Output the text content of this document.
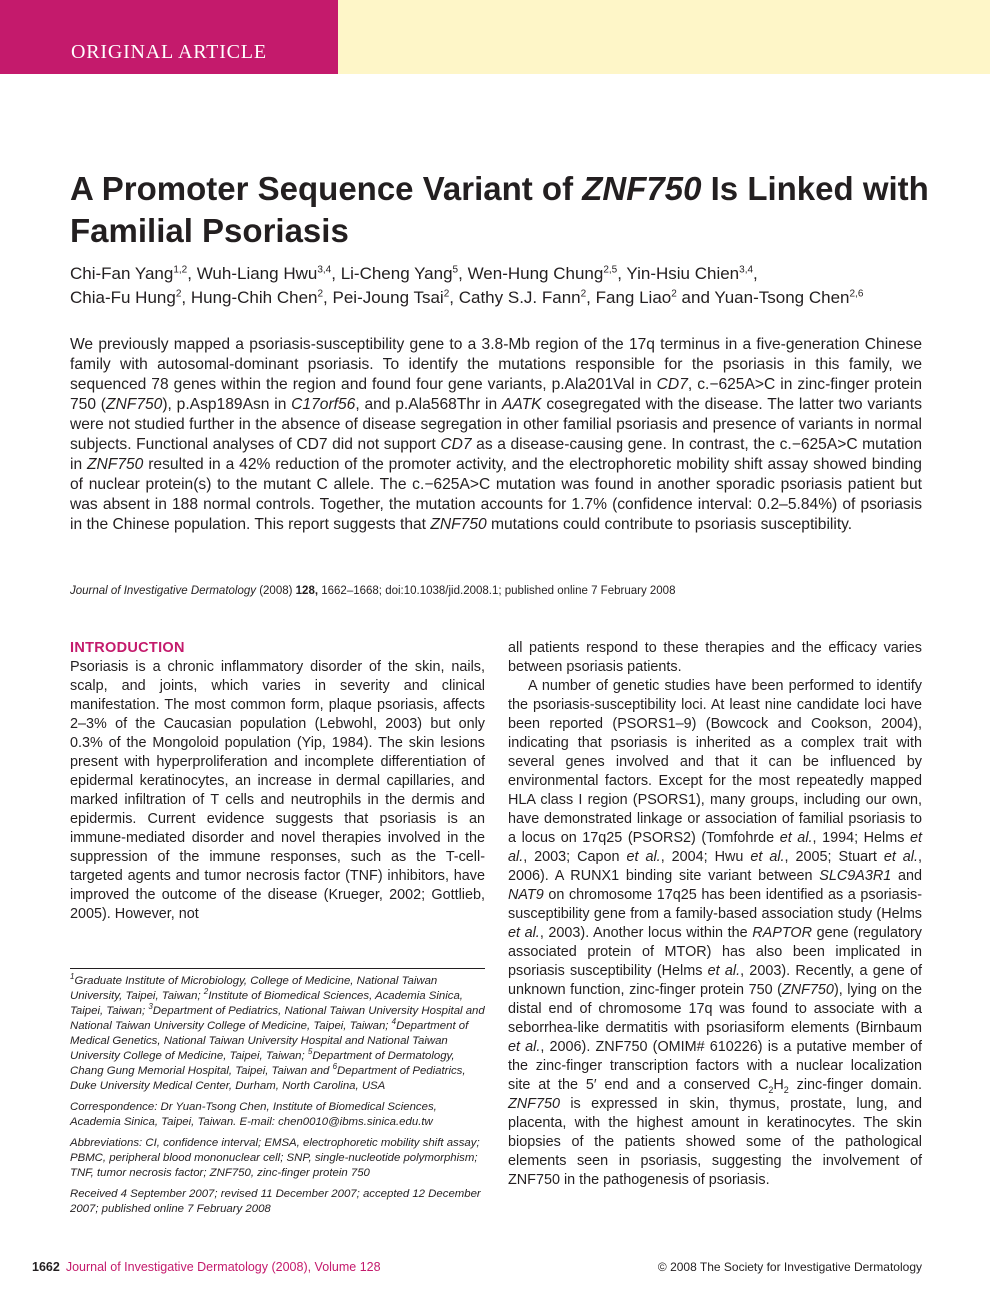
ORIGINAL ARTICLE
A Promoter Sequence Variant of ZNF750 Is Linked with Familial Psoriasis
Chi-Fan Yang$^{1,2}$, Wuh-Liang Hwu$^{3,4}$, Li-Cheng Yang$^5$, Wen-Hung Chung$^{2,5}$, Yin-Hsiu Chien$^{3,4}$,
Chia-Fu Hung$^2$, Hung-Chih Chen$^2$, Pei-Joung Tsai$^2$, Cathy S.J. Fann$^2$, Fang Liao$^2$ and Yuan-Tsong Chen$^{2,6}$

We previously mapped a psoriasis-susceptibility gene to a 3.8-Mb region of the 17q terminus in a five-generation Chinese family with autosomal-dominant psoriasis. To identify the mutations responsible for the psoriasis in this family, we sequenced 78 genes within the region and found four gene variants, p.Ala201Val in CD7, c.−625A>C in zinc-finger protein 750 (ZNF750), p.Asp189Asn in C17orf56, and p.Ala568Thr in AATK cosegregated with the disease. The latter two variants were not studied further in the absence of disease segregation in other familial psoriasis and presence of variants in normal subjects. Functional analyses of CD7 did not support CD7 as a disease-causing gene. In contrast, the c.−625A>C mutation in ZNF750 resulted in a 42% reduction of the promoter activity, and the electrophoretic mobility shift assay showed binding of nuclear protein(s) to the mutant C allele. The c.−625A>C mutation was found in another sporadic psoriasis patient but was absent in 188 normal controls. Together, the mutation accounts for 1.7% (confidence interval: 0.2–5.84%) of psoriasis in the Chinese population. This report suggests that ZNF750 mutations could contribute to psoriasis susceptibility.

Journal of Investigative Dermatology (2008) 128, 1662–1668; doi:10.1038/jid.2008.1; published online 7 February 2008
INTRODUCTION

Psoriasis is a chronic inflammatory disorder of the skin, nails, scalp, and joints, which varies in severity and clinical manifestation. The most common form, plaque psoriasis, affects 2–3% of the Caucasian population (Lebwohl, 2003) but only 0.3% of the Mongoloid population (Yip, 1984). The skin lesions present with hyperproliferation and incomplete differentiation of epidermal keratinocytes, an increase in dermal capillaries, and marked infiltration of T cells and neutrophils in the dermis and epidermis. Current evidence suggests that psoriasis is an immune-mediated disorder and novel therapies involved in the suppression of the immune responses, such as the T-cell-targeted agents and tumor necrosis factor (TNF) inhibitors, have improved the outcome of the disease (Krueger, 2002; Gottlieb, 2005). However, not

all patients respond to these therapies and the efficacy varies between psoriasis patients.

A number of genetic studies have been performed to identify the psoriasis-susceptibility loci. At least nine candidate loci have been reported (PSORS1–9) (Bowcock and Cookson, 2004), indicating that psoriasis is inherited as a complex trait with several genes involved and that it can be influenced by environmental factors. Except for the most repeatedly mapped HLA class I region (PSORS1), many groups, including our own, have demonstrated linkage or association of familial psoriasis to a locus on 17q25 (PSORS2) (Tomfohrde et al., 1994; Helms et al., 2003; Capon et al., 2004; Hwu et al., 2005; Stuart et al., 2006). A RUNX1 binding site variant between SLC9A3R1 and NAT9 on chromosome 17q25 has been identified as a psoriasis-susceptibility gene from a family-based association study (Helms et al., 2003). Another locus within the RAPTOR gene (regulatory associated protein of MTOR) has also been implicated in psoriasis susceptibility (Helms et al., 2003). Recently, a gene of unknown function, zinc-finger protein 750 (ZNF750), lying on the distal end of chromosome 17q was found to associate with a seborrhea-like dermatitis with psoriasiform elements (Birnbaum et al., 2006). ZNF750 (OMIM# 610226) is a putative member of the zinc-finger transcription factors with a nuclear localization site at the 5′ end and a conserved $C_2H_2$ zinc-finger domain. ZNF750 is expressed in skin, thymus, prostate, lung, and placenta, with the highest amount in keratinocytes. The skin biopsies of the patients showed some of the pathological elements seen in psoriasis, suggesting the involvement of ZNF750 in the pathogenesis of psoriasis.

$^1$Graduate Institute of Microbiology, College of Medicine, National Taiwan University, Taipei, Taiwan; $^2$Institute of Biomedical Sciences, Academia Sinica, Taipei, Taiwan; $^3$Department of Pediatrics, National Taiwan University Hospital and National Taiwan University College of Medicine, Taipei, Taiwan; $^4$Department of Medical Genetics, National Taiwan University Hospital and National Taiwan University College of Medicine, Taipei, Taiwan; $^5$Department of Dermatology, Chang Gung Memorial Hospital, Taipei, Taiwan and $^6$Department of Pediatrics, Duke University Medical Center, Durham, North Carolina, USA

Correspondence: Dr Yuan-Tsong Chen, Institute of Biomedical Sciences, Academia Sinica, Taipei, Taiwan. E-mail: chen0010@ibms.sinica.edu.tw

Abbreviations: CI, confidence interval; EMSA, electrophoretic mobility shift assay; PBMC, peripheral blood mononuclear cell; SNP, single-nucleotide polymorphism; TNF, tumor necrosis factor; ZNF750, zinc-finger protein 750

Received 4 September 2007; revised 11 December 2007; accepted 12 December 2007; published online 7 February 2008

1662 Journal of Investigative Dermatology (2008), Volume 128	© 2008 The Society for Investigative Dermatology
